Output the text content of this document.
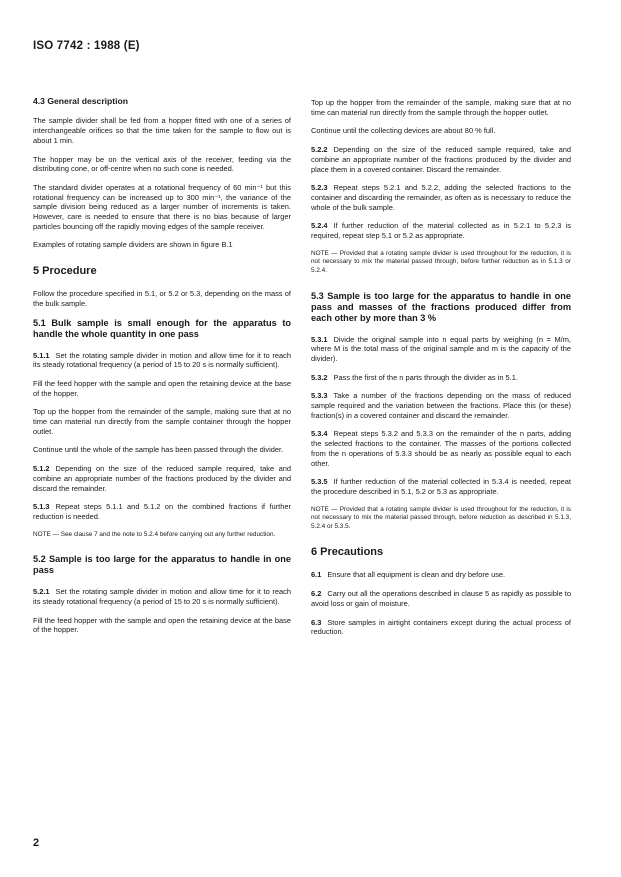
ISO 7742 : 1988 (E)
4.3 General description

The sample divider shall be fed from a hopper fitted with one of a series of interchangeable orifices so that the time taken for the sample to flow out is about 1 min.

The hopper may be on the vertical axis of the receiver, feeding via the distributing cone, or off-centre when no such cone is needed.

The standard divider operates at a rotational frequency of 60 min⁻¹ but this rotational frequency can be increased up to 300 min⁻¹, the variance of the sample division being reduced as a larger number of increments is taken. However, care is needed to ensure that there is no bias because of larger particles bouncing off the rapidly moving edges of the sample receiver.

Examples of rotating sample dividers are shown in figure B.1

5 Procedure

Follow the procedure specified in 5.1, or 5.2 or 5.3, depending on the mass of the bulk sample.

5.1 Bulk sample is small enough for the apparatus to handle the whole quantity in one pass

5.1.1 Set the rotating sample divider in motion and allow time for it to reach its steady rotational frequency (a period of 15 to 20 s is normally sufficient).

Fill the feed hopper with the sample and open the retaining device at the base of the hopper.

Top up the hopper from the remainder of the sample, making sure that at no time can material run directly from the sample container through the hopper outlet.

Continue until the whole of the sample has been passed through the divider.

5.1.2 Depending on the size of the reduced sample required, take and combine an appropriate number of the fractions produced by the divider and discard the remainder.

5.1.3 Repeat steps 5.1.1 and 5.1.2 on the combined fractions if further reduction is needed.

NOTE — See clause 7 and the note to 5.2.4 before carrying out any further reduction.

5.2 Sample is too large for the apparatus to handle in one pass

5.2.1 Set the rotating sample divider in motion and allow time for it to reach its steady rotational frequency (a period of 15 to 20 s is normally sufficient).

Fill the feed hopper with the sample and open the retaining device at the base of the hopper.

Top up the hopper from the remainder of the sample, making sure that at no time can material run directly from the sample through the hopper outlet.

Continue until the collecting devices are about 80 % full.

5.2.2 Depending on the size of the reduced sample required, take and combine an appropriate number of the fractions produced by the divider and place them in a covered container. Discard the remainder.

5.2.3 Repeat steps 5.2.1 and 5.2.2, adding the selected fractions to the container and discarding the remainder, as often as is necessary to reduce the whole of the bulk sample.

5.2.4 If further reduction of the material collected as in 5.2.1 to 5.2.3 is required, repeat step 5.1 or 5.2 as appropriate.

NOTE — Provided that a rotating sample divider is used throughout for the reduction, it is not necessary to mix the material passed through, before further reduction as in 5.1.3 or 5.2.4.

5.3 Sample is too large for the apparatus to handle in one pass and masses of the fractions produced differ from each other by more than 3 %

5.3.1 Divide the original sample into n equal parts by weighing (n = M/m, where M is the total mass of the original sample and m is the capacity of the divider).

5.3.2 Pass the first of the n parts through the divider as in 5.1.

5.3.3 Take a number of the fractions depending on the mass of reduced sample required and the variation between the fractions. Place this (or these) fraction(s) in a covered container and discard the remainder.

5.3.4 Repeat steps 5.3.2 and 5.3.3 on the remainder of the n parts, adding the selected fractions to the container. The masses of the portions collected from the n operations of 5.3.3 should be as nearly as possible equal to each other.

5.3.5 If further reduction of the material collected in 5.3.4 is needed, repeat the procedure described in 5.1, 5.2 or 5.3 as appropriate.

NOTE — Provided that a rotating sample divider is used throughout for the reduction, it is not necessary to mix the material passed through, before reduction as described in 5.1.3, 5.2.4 or 5.3.5.

6 Precautions

6.1 Ensure that all equipment is clean and dry before use.

6.2 Carry out all the operations described in clause 5 as rapidly as possible to avoid loss or gain of moisture.

6.3 Store samples in airtight containers except during the actual process of reduction.

2
